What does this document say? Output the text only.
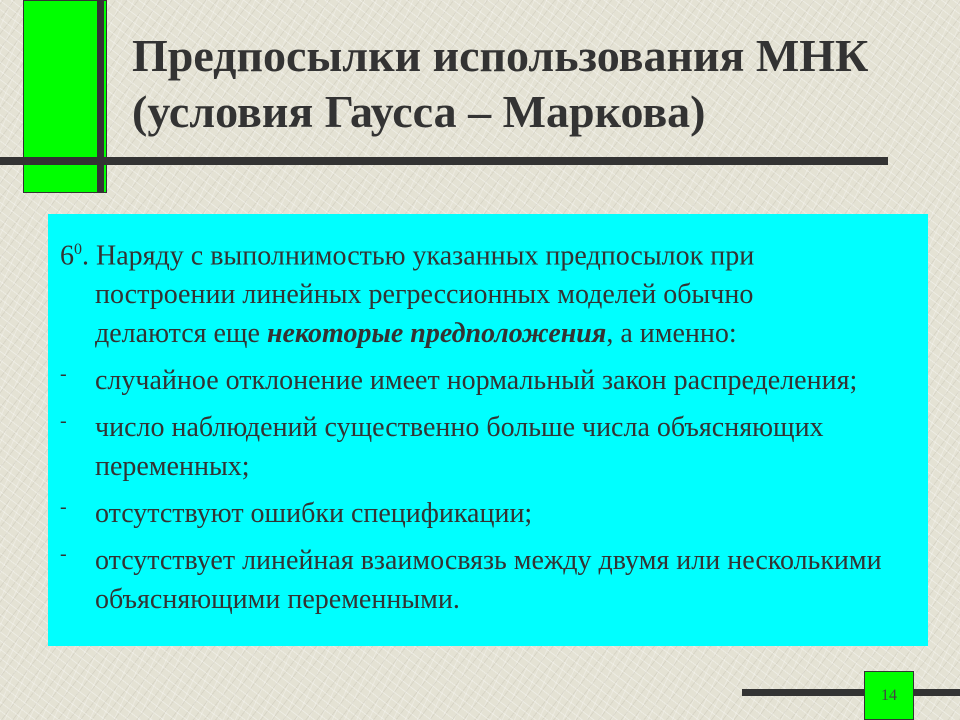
Предпосылки использования МНК
(условия Гаусса – Маркова)
$6^0$. Наряду с выполнимостью указанных предпосылок при
построении линейных регрессионных моделей обычно
делаются еще некоторые предположения, а именно:
-	случайное отклонение имеет нормальный закон распределения;
-	число наблюдений существенно больше числа объясняющих переменных;
-	отсутствуют ошибки спецификации;
-	отсутствует линейная взаимосвязь между двумя или несколькими объясняющими переменными.
14
